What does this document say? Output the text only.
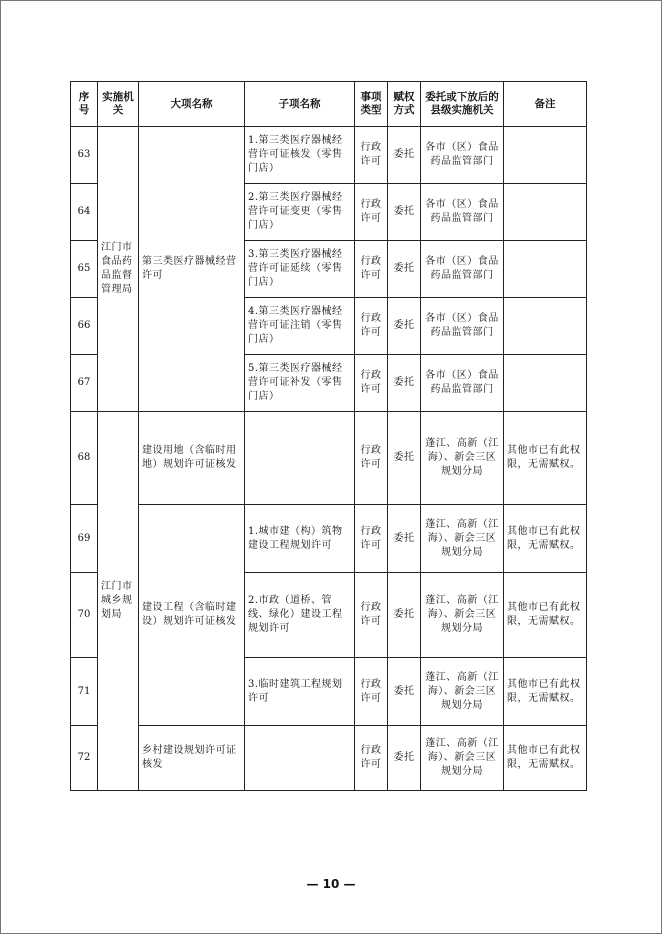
序号	实施机关	大项名称	子项名称	事项类型	赋权方式	委托或下放后的县级实施机关	备注
63	江门市食品药品监督管理局	第三类医疗器械经营许可	1.第三类医疗器械经营许可证核发（零售门店）	行政许可	委托	各市（区）食品药品监管部门	
64			2.第三类医疗器械经营许可证变更（零售门店）	行政许可	委托	各市（区）食品药品监管部门	
65			3.第三类医疗器械经营许可证延续（零售门店）	行政许可	委托	各市（区）食品药品监管部门	
66			4.第三类医疗器械经营许可证注销（零售门店）	行政许可	委托	各市（区）食品药品监管部门	
67			5.第三类医疗器械经营许可证补发（零售门店）	行政许可	委托	各市（区）食品药品监管部门	
68	江门市城乡规划局	建设用地（含临时用地）规划许可证核发		行政许可	委托	蓬江、高新（江海）、新会三区规划分局	其他市已有此权限，无需赋权。
69		建设工程（含临时建设）规划许可证核发	1.城市建（构）筑物建设工程规划许可	行政许可	委托	蓬江、高新（江海）、新会三区规划分局	其他市已有此权限，无需赋权。
70			2.市政（道桥、管线、绿化）建设工程规划许可	行政许可	委托	蓬江、高新（江海）、新会三区规划分局	其他市已有此权限，无需赋权。
71			3.临时建筑工程规划许可	行政许可	委托	蓬江、高新（江海）、新会三区规划分局	其他市已有此权限，无需赋权。
72		乡村建设规划许可证核发		行政许可	委托	蓬江、高新（江海）、新会三区规划分局	其他市已有此权限，无需赋权。
— 10 —
